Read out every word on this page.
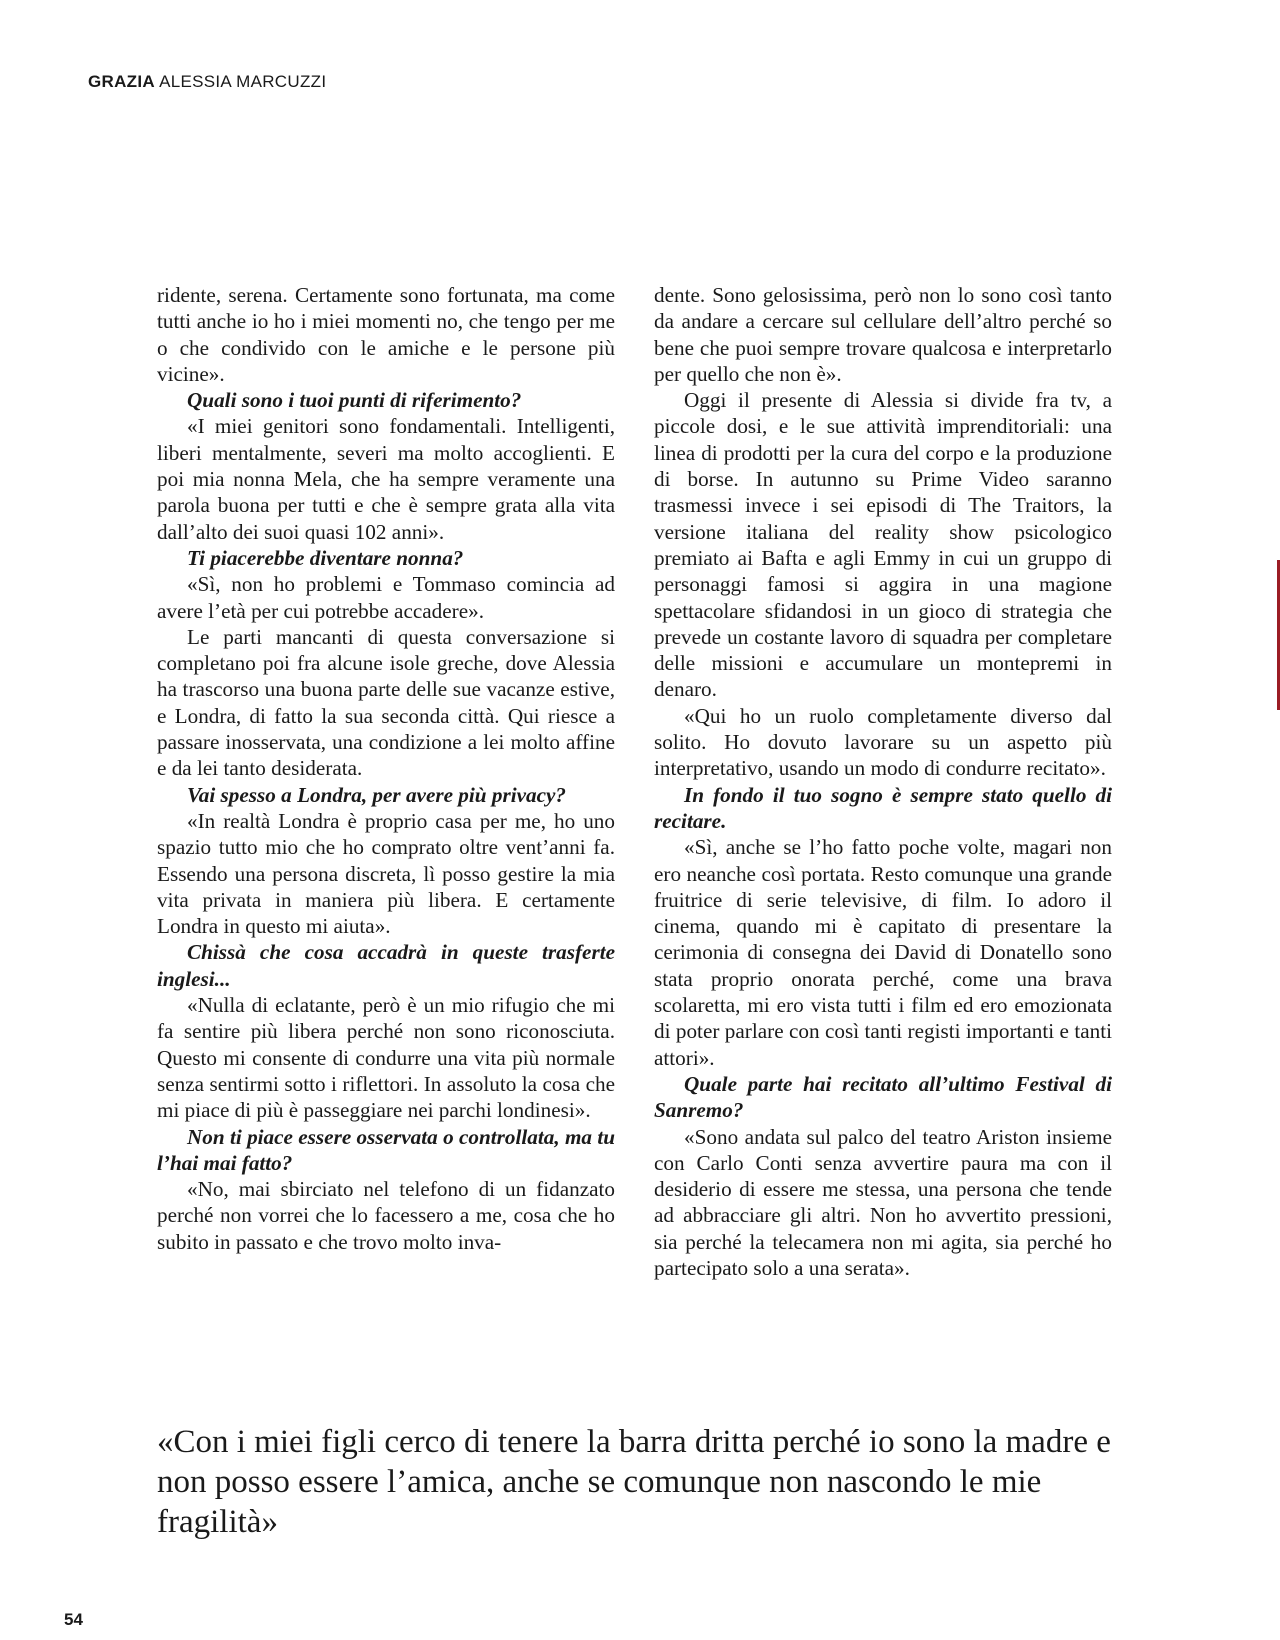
GRAZIA ALESSIA MARCUZZI

ridente, serena. Certamente sono fortunata, ma come tutti anche io ho i miei momenti no, che tengo per me o che condivido con le amiche e le persone più vicine».

Quali sono i tuoi punti di riferimento?

«I miei genitori sono fondamentali. Intelligenti, liberi mentalmente, severi ma molto accoglienti. E poi mia nonna Mela, che ha sempre veramente una parola buona per tutti e che è sempre grata alla vita dall’alto dei suoi quasi 102 anni».

Ti piacerebbe diventare nonna?

«Sì, non ho problemi e Tommaso comincia ad avere l’età per cui potrebbe accadere».

Le parti mancanti di questa conversazione si completano poi fra alcune isole greche, dove Alessia ha trascorso una buona parte delle sue vacanze estive, e Londra, di fatto la sua seconda città. Qui riesce a passare inosservata, una condizione a lei molto affine e da lei tanto desiderata.

Vai spesso a Londra, per avere più privacy?

«In realtà Londra è proprio casa per me, ho uno spazio tutto mio che ho comprato oltre vent’anni fa. Essendo una persona discreta, lì posso gestire la mia vita privata in maniera più libera. E certamente Londra in questo mi aiuta».

Chissà che cosa accadrà in queste trasferte inglesi...

«Nulla di eclatante, però è un mio rifugio che mi fa sentire più libera perché non sono riconosciuta. Questo mi consente di condurre una vita più normale senza sentirmi sotto i riflettori. In assoluto la cosa che mi piace di più è passeggiare nei parchi londinesi».

Non ti piace essere osservata o controllata, ma tu l’hai mai fatto?

«No, mai sbirciato nel telefono di un fidanzato perché non vorrei che lo facessero a me, cosa che ho subito in passato e che trovo molto inva-

dente. Sono gelosissima, però non lo sono così tanto da andare a cercare sul cellulare dell’altro perché so bene che puoi sempre trovare qualcosa e interpretarlo per quello che non è».

Oggi il presente di Alessia si divide fra tv, a piccole dosi, e le sue attività imprenditoriali: una linea di prodotti per la cura del corpo e la produzione di borse. In autunno su Prime Video saranno trasmessi invece i sei episodi di The Traitors, la versione italiana del reality show psicologico premiato ai Bafta e agli Emmy in cui un gruppo di personaggi famosi si aggira in una magione spettacolare sfidandosi in un gioco di strategia che prevede un costante lavoro di squadra per completare delle missioni e accumulare un montepremi in denaro.

«Qui ho un ruolo completamente diverso dal solito. Ho dovuto lavorare su un aspetto più interpretativo, usando un modo di condurre recitato».

In fondo il tuo sogno è sempre stato quello di recitare.

«Sì, anche se l’ho fatto poche volte, magari non ero neanche così portata. Resto comunque una grande fruitrice di serie televisive, di film. Io adoro il cinema, quando mi è capitato di presentare la cerimonia di consegna dei David di Donatello sono stata proprio onorata perché, come una brava scolaretta, mi ero vista tutti i film ed ero emozionata di poter parlare con così tanti registi importanti e tanti attori».

Quale parte hai recitato all’ultimo Festival di Sanremo?

«Sono andata sul palco del teatro Ariston insieme con Carlo Conti senza avvertire paura ma con il desiderio di essere me stessa, una persona che tende ad abbracciare gli altri. Non ho avvertito pressioni, sia perché la telecamera non mi agita, sia perché ho partecipato solo a una serata».

«Con i miei figli cerco di tenere la barra dritta perché io sono la madre e non posso essere l’amica, anche se comunque non nascondo le mie fragilità»
54
